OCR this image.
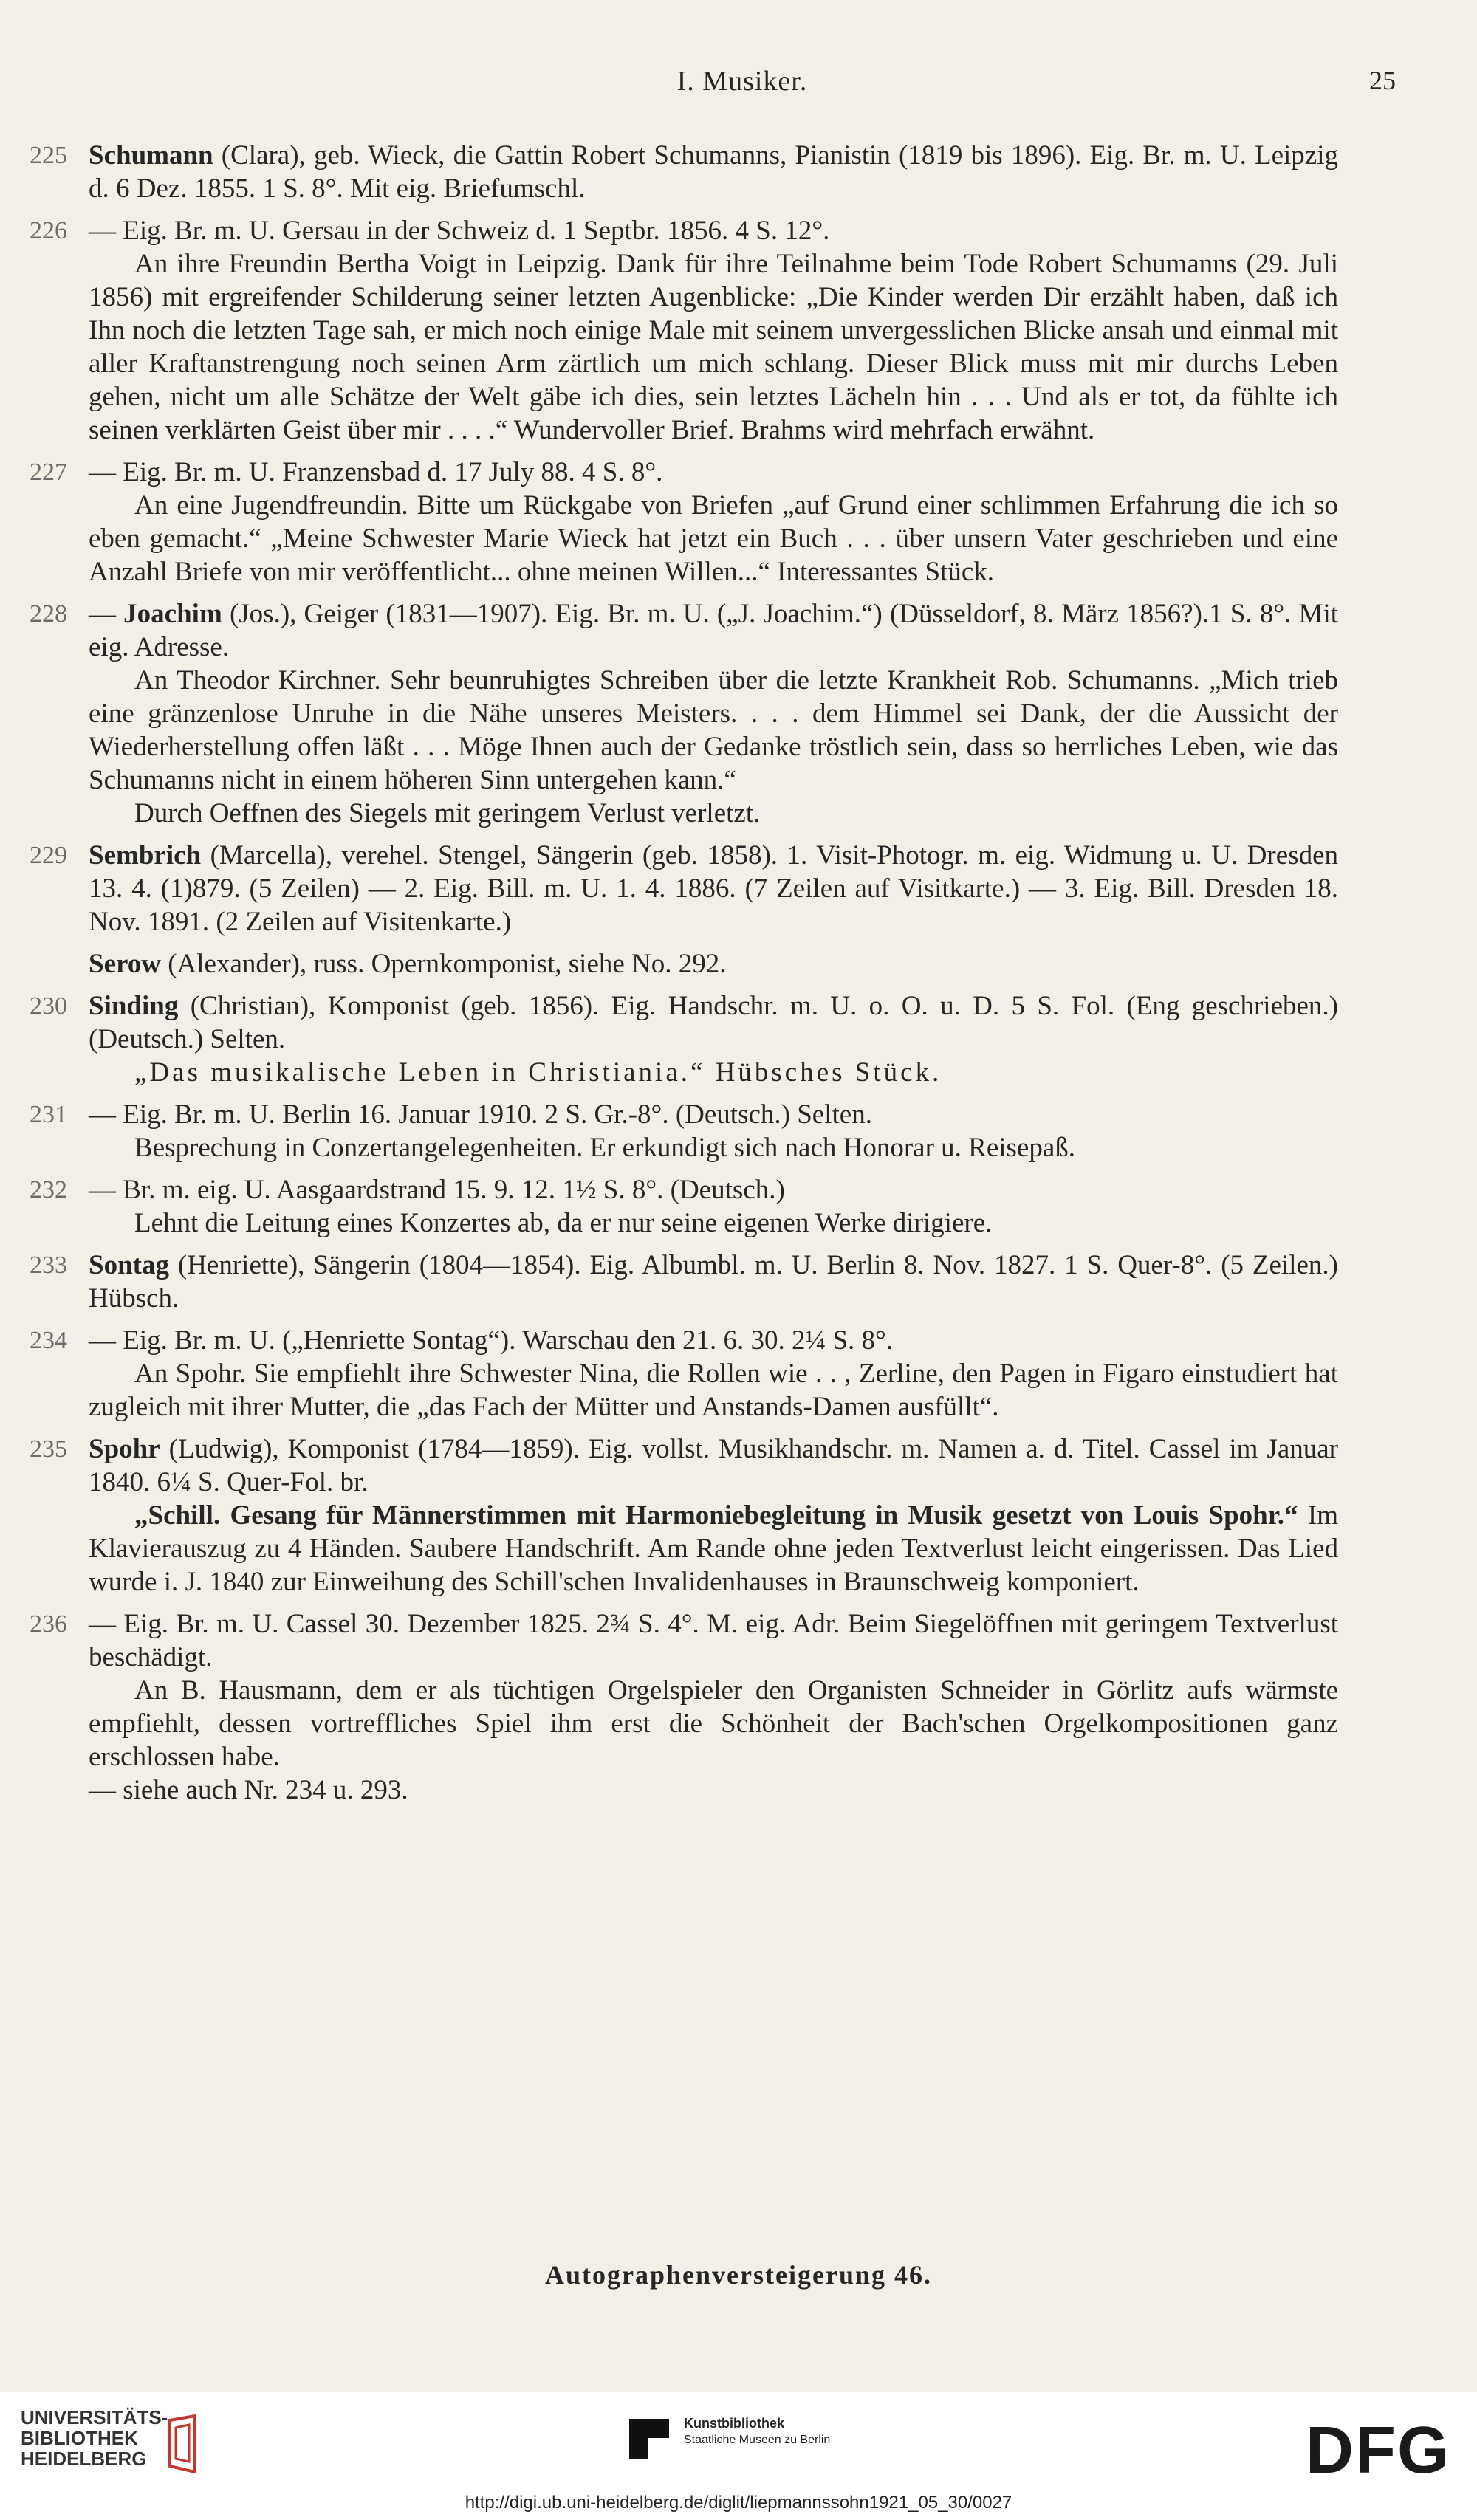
I. Musiker.	25
225 Schumann (Clara), geb. Wieck, die Gattin Robert Schumanns, Pianistin (1819 bis 1896). Eig. Br. m. U. Leipzig d. 6 Dez. 1855. 1 S. 8°. Mit eig. Briefumschl.

226 — Eig. Br. m. U. Gersau in der Schweiz d. 1 Septbr. 1856. 4 S. 12°.

An ihre Freundin Bertha Voigt in Leipzig. Dank für ihre Teilnahme beim Tode Robert Schumanns (29. Juli 1856) mit ergreifender Schilderung seiner letzten Augenblicke: „Die Kinder werden Dir erzählt haben, daß ich Ihn noch die letzten Tage sah, er mich noch einige Male mit seinem unvergesslichen Blicke ansah und einmal mit aller Kraftanstrengung noch seinen Arm zärtlich um mich schlang. Dieser Blick muss mit mir durchs Leben gehen, nicht um alle Schätze der Welt gäbe ich dies, sein letztes Lächeln hin . . . Und als er tot, da fühlte ich seinen verklärten Geist über mir . . . .“ Wundervoller Brief. Brahms wird mehrfach erwähnt.

227 — Eig. Br. m. U. Franzensbad d. 17 July 88. 4 S. 8°.

An eine Jugendfreundin. Bitte um Rückgabe von Briefen „auf Grund einer schlimmen Erfahrung die ich so eben gemacht.“ „Meine Schwester Marie Wieck hat jetzt ein Buch . . . über unsern Vater geschrieben und eine Anzahl Briefe von mir veröffentlicht... ohne meinen Willen...“ Interessantes Stück.

228 — Joachim (Jos.), Geiger (1831—1907). Eig. Br. m. U. („J. Joachim.“) (Düsseldorf, 8. März 1856?).1 S. 8°. Mit eig. Adresse.

An Theodor Kirchner. Sehr beunruhigtes Schreiben über die letzte Krankheit Rob. Schumanns. „Mich trieb eine gränzenlose Unruhe in die Nähe unseres Meisters. . . . dem Himmel sei Dank, der die Aussicht der Wiederherstellung offen läßt . . . Möge Ihnen auch der Gedanke tröstlich sein, dass so herrliches Leben, wie das Schumanns nicht in einem höheren Sinn untergehen kann.“

Durch Oeffnen des Siegels mit geringem Verlust verletzt.

229 Sembrich (Marcella), verehel. Stengel, Sängerin (geb. 1858). 1. Visit-Photogr. m. eig. Widmung u. U. Dresden 13. 4. (1)879. (5 Zeilen) — 2. Eig. Bill. m. U. 1. 4. 1886. (7 Zeilen auf Visitkarte.) — 3. Eig. Bill. Dresden 18. Nov. 1891. (2 Zeilen auf Visitenkarte.)

Serow (Alexander), russ. Opernkomponist, siehe No. 292.

230 Sinding (Christian), Komponist (geb. 1856). Eig. Handschr. m. U. o. O. u. D. 5 S. Fol. (Eng geschrieben.) (Deutsch.) Selten.

„Das musikalische Leben in Christiania.“ Hübsches Stück.

231 — Eig. Br. m. U. Berlin 16. Januar 1910. 2 S. Gr.-8°. (Deutsch.) Selten.

Besprechung in Conzertangelegenheiten. Er erkundigt sich nach Honorar u. Reisepaß.

232 — Br. m. eig. U. Aasgaardstrand 15. 9. 12. 1½ S. 8°. (Deutsch.)

Lehnt die Leitung eines Konzertes ab, da er nur seine eigenen Werke dirigiere.

233 Sontag (Henriette), Sängerin (1804—1854). Eig. Albumbl. m. U. Berlin 8. Nov. 1827. 1 S. Quer-8°. (5 Zeilen.) Hübsch.

234 — Eig. Br. m. U. („Henriette Sontag“). Warschau den 21. 6. 30. 2¼ S. 8°.

An Spohr. Sie empfiehlt ihre Schwester Nina, die Rollen wie . . , Zerline, den Pagen in Figaro einstudiert hat zugleich mit ihrer Mutter, die „das Fach der Mütter und Anstands-Damen ausfüllt“.

235 Spohr (Ludwig), Komponist (1784—1859). Eig. vollst. Musikhandschr. m. Namen a. d. Titel. Cassel im Januar 1840. 6¼ S. Quer-Fol. br.

„Schill. Gesang für Männerstimmen mit Harmoniebegleitung in Musik gesetzt von Louis Spohr.“ Im Klavierauszug zu 4 Händen. Saubere Handschrift. Am Rande ohne jeden Textverlust leicht eingerissen. Das Lied wurde i. J. 1840 zur Einweihung des Schill'schen Invalidenhauses in Braunschweig komponiert.

236 — Eig. Br. m. U. Cassel 30. Dezember 1825. 2¾ S. 4°. M. eig. Adr. Beim Siegelöffnen mit geringem Textverlust beschädigt.

An B. Hausmann, dem er als tüchtigen Orgelspieler den Organisten Schneider in Görlitz aufs wärmste empfiehlt, dessen vortreffliches Spiel ihm erst die Schönheit der Bach'schen Orgelkompositionen ganz erschlossen habe.

— siehe auch Nr. 234 u. 293.

Autographenversteigerung 46.
UNIVERSITÄTS-
BIBLIOTHEK
HEIDELBERG
Kunstbibliothek
Staatliche Museen zu Berlin	DFG
http://digi.ub.uni-heidelberg.de/diglit/liepmannssohn1921_05_30/0027
